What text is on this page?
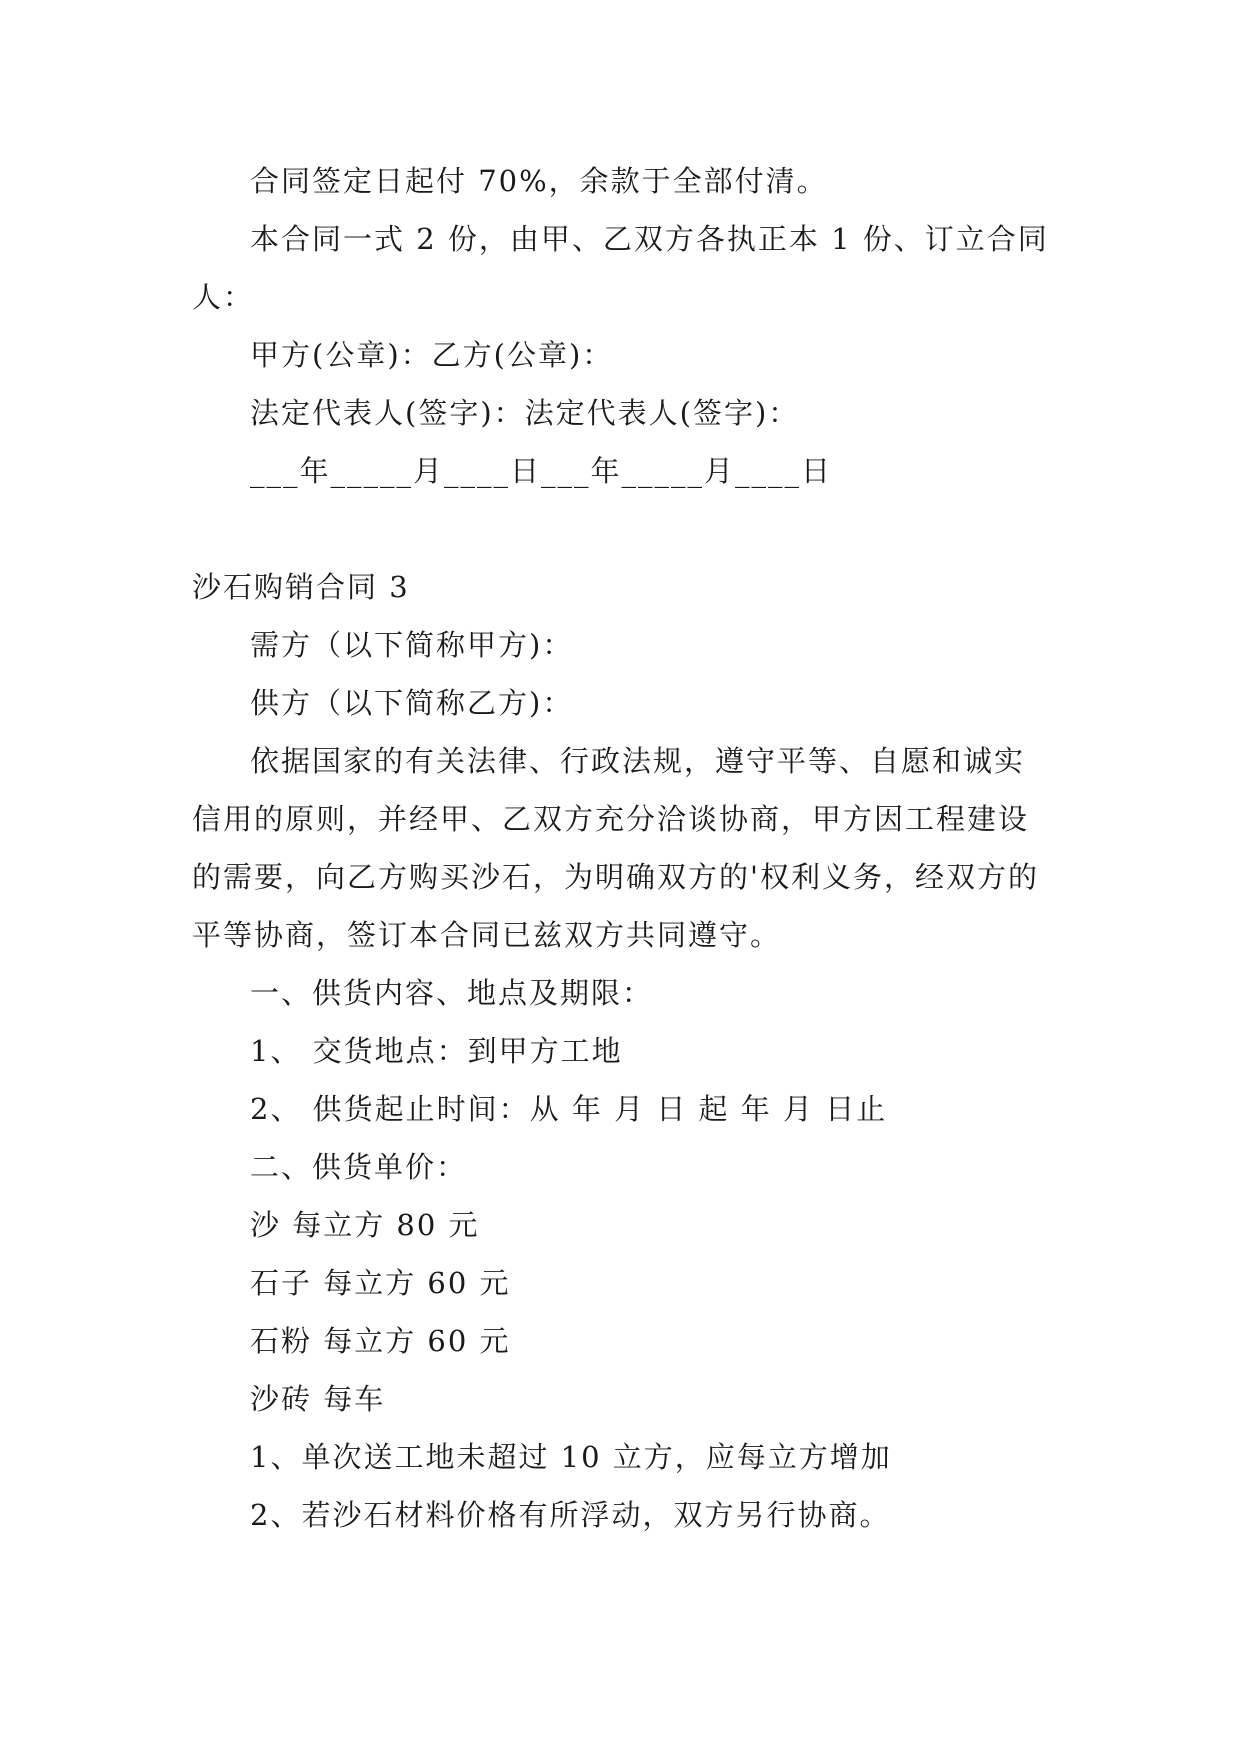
合同签定日起付 70%，余款于全部付清。

本合同一式 2 份，由甲、乙双方各执正本 1 份、订立合同人：

甲方(公章)：乙方(公章)：

法定代表人(签字)：法定代表人(签字)：

___年_____月____日___年_____月____日

沙石购销合同 3

需方（以下简称甲方)：

供方（以下简称乙方)：

依据国家的有关法律、行政法规，遵守平等、自愿和诚实信用的原则，并经甲、乙双方充分洽谈协商，甲方因工程建设的需要，向乙方购买沙石，为明确双方的'权利义务，经双方的平等协商，签订本合同已兹双方共同遵守。

一、供货内容、地点及期限：

1、 交货地点：到甲方工地

2、 供货起止时间：从 年 月 日 起 年 月 日止

二、供货单价：

沙 每立方 80 元

石子 每立方 60 元

石粉 每立方 60 元

沙砖 每车

1、单次送工地未超过 10 立方，应每立方增加

2、若沙石材料价格有所浮动，双方另行协商。
